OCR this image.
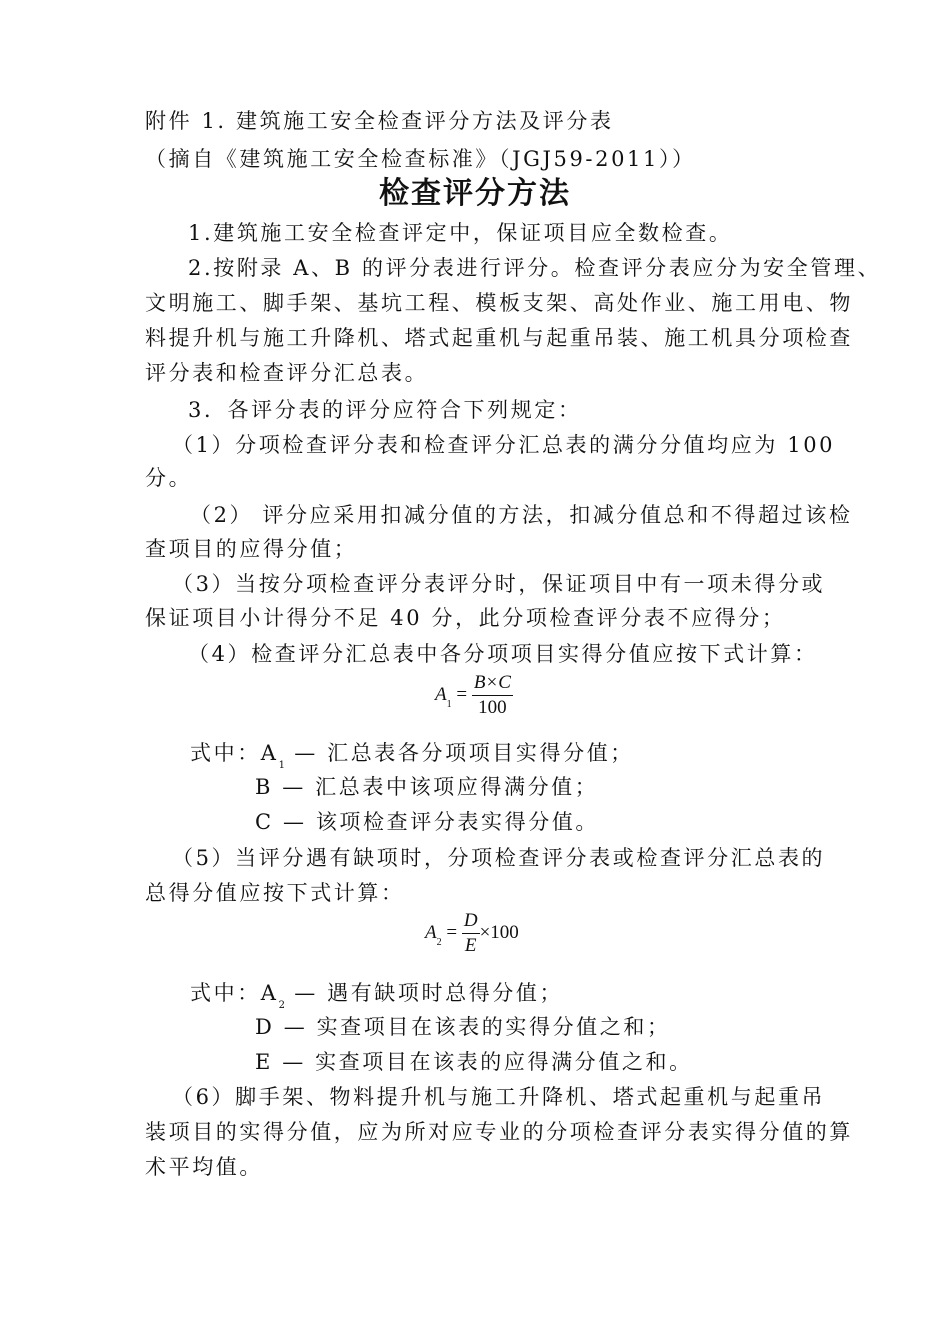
附件 1. 建筑施工安全检查评分方法及评分表
（摘自《建筑施工安全检查标准》（JGJ59-2011））
检查评分方法
1.建筑施工安全检查评定中，保证项目应全数检查。
2.按附录 A、B 的评分表进行评分。检查评分表应分为安全管理、
文明施工、脚手架、基坑工程、模板支架、高处作业、施工用电、物
料提升机与施工升降机、塔式起重机与起重吊装、施工机具分项检查
评分表和检查评分汇总表。
3．各评分表的评分应符合下列规定：
（1）分项检查评分表和检查评分汇总表的满分分值均应为 100
分。
（2） 评分应采用扣减分值的方法，扣减分值总和不得超过该检
查项目的应得分值；
（3）当按分项检查评分表评分时，保证项目中有一项未得分或
保证项目小计得分不足 40 分，此分项检查评分表不应得分；
（4）检查评分汇总表中各分项项目实得分值应按下式计算：
$A_1 = \frac{B\times C}{100}$
式中：$A_1$ — 汇总表各分项项目实得分值；
B — 汇总表中该项应得满分值；
C — 该项检查评分表实得分值。
（5）当评分遇有缺项时，分项检查评分表或检查评分汇总表的
总得分值应按下式计算：
$A_2 = \frac{D}{E} \times 100$
式中：$A_2$ — 遇有缺项时总得分值；
D — 实查项目在该表的实得分值之和；
E — 实查项目在该表的应得满分值之和。
（6）脚手架、物料提升机与施工升降机、塔式起重机与起重吊
装项目的实得分值，应为所对应专业的分项检查评分表实得分值的算
术平均值。
